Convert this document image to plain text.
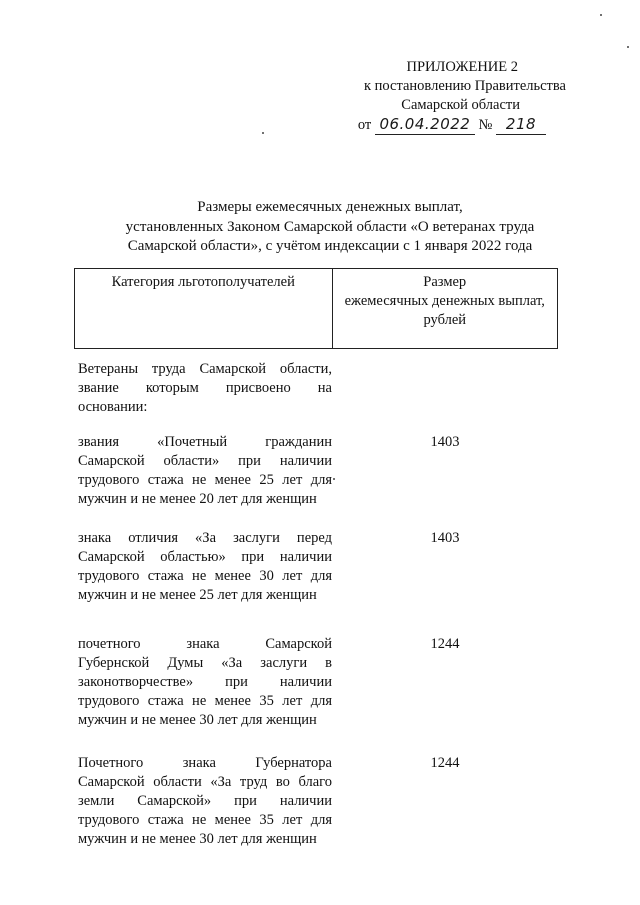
ПРИЛОЖЕНИЕ 2
к постановлению Правительства
Самарской области
от 06.04.2022 № 218
Размеры ежемесячных денежных выплат,
установленных Законом Самарской области «О ветеранах труда
Самарской области», с учётом индексации с 1 января 2022 года
Категория льготополучателей	Размер
ежемесячных денежных выплат,
рублей
Ветераны труда Самарской области,
звание которым присвоено на
основании:
звания «Почетный гражданин
Самарской области» при наличии
трудового стажа не менее 25 лет для
мужчин и не менее 20 лет для женщин
1403
знака отличия «За заслуги перед
Самарской областью» при наличии
трудового стажа не менее 30 лет для
мужчин и не менее 25 лет для женщин
1403
почетного знака Самарской
Губернской Думы «За заслуги в
законотворчестве» при наличии
трудового стажа не менее 35 лет для
мужчин и не менее 30 лет для женщин
1244
Почетного знака Губернатора
Самарской области «За труд во благо
земли Самарской» при наличии
трудового стажа не менее 35 лет для
мужчин и не менее 30 лет для женщин
1244
